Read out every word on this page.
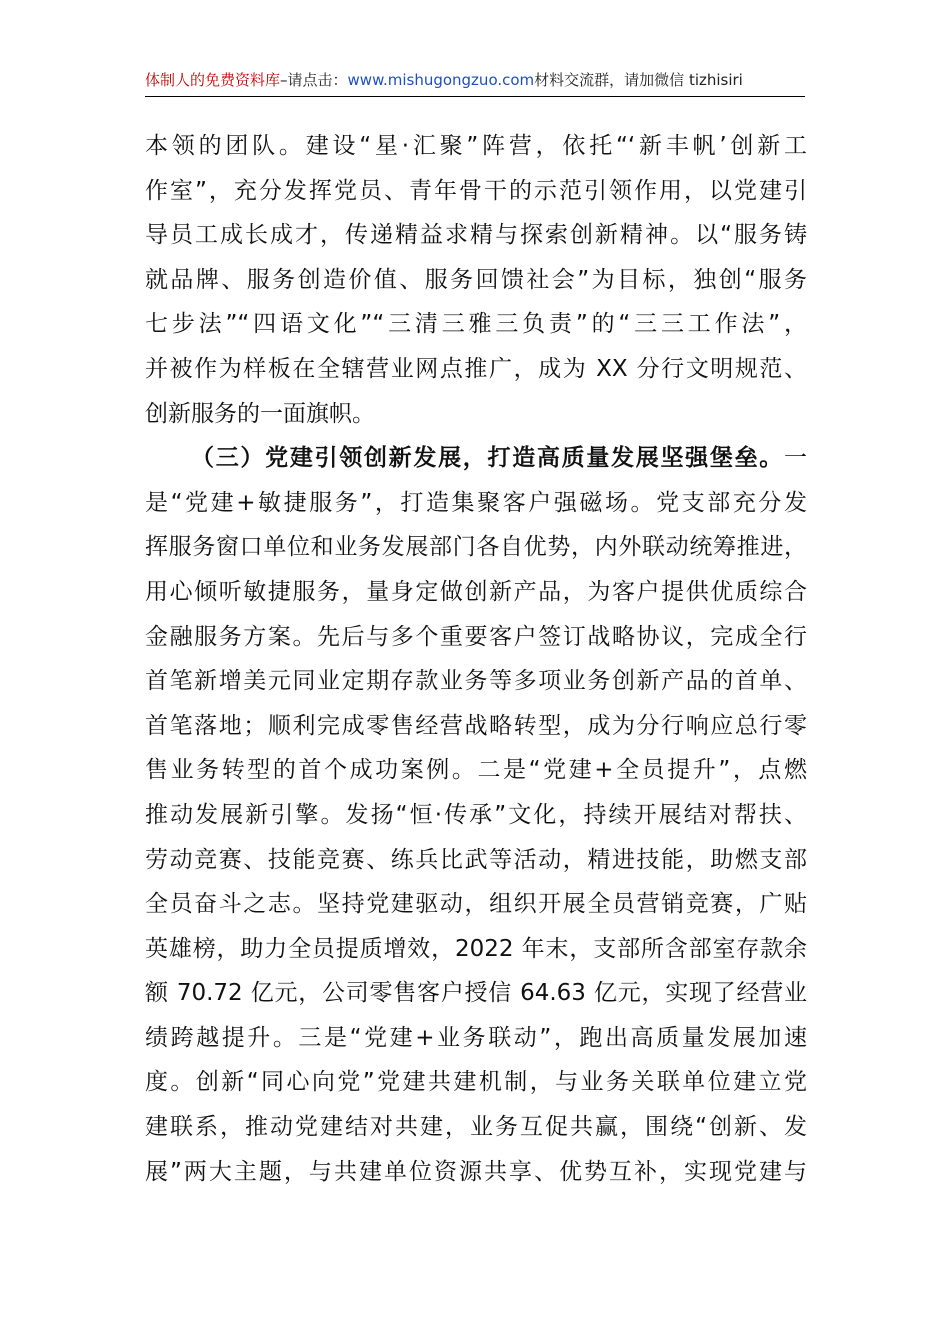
体制人的免费资料库–请点击：www.mishugongzuo.com材料交流群，请加微信 tizhisiri
本领的团队。建设“星·汇聚”阵营，依托“‘新丰帆’创新工
作室”，充分发挥党员、青年骨干的示范引领作用，以党建引
导员工成长成才，传递精益求精与探索创新精神。以“服务铸
就品牌、服务创造价值、服务回馈社会”为目标，独创“服务
七步法”“四语文化”“三清三雅三负责”的“三三工作法”，
并被作为样板在全辖营业网点推广，成为 XX 分行文明规范、
创新服务的一面旗帜。
（三）党建引领创新发展，打造高质量发展坚强堡垒。一
是“党建+敏捷服务”，打造集聚客户强磁场。党支部充分发
挥服务窗口单位和业务发展部门各自优势，内外联动统筹推进，
用心倾听敏捷服务，量身定做创新产品，为客户提供优质综合
金融服务方案。先后与多个重要客户签订战略协议，完成全行
首笔新增美元同业定期存款业务等多项业务创新产品的首单、
首笔落地；顺利完成零售经营战略转型，成为分行响应总行零
售业务转型的首个成功案例。二是“党建+全员提升”，点燃
推动发展新引擎。发扬“恒·传承”文化，持续开展结对帮扶、
劳动竞赛、技能竞赛、练兵比武等活动，精进技能，助燃支部
全员奋斗之志。坚持党建驱动，组织开展全员营销竞赛，广贴
英雄榜，助力全员提质增效，2022 年末，支部所含部室存款余
额 70.72 亿元，公司零售客户授信 64.63 亿元，实现了经营业
绩跨越提升。三是“党建+业务联动”，跑出高质量发展加速
度。创新“同心向党”党建共建机制，与业务关联单位建立党
建联系，推动党建结对共建，业务互促共赢，围绕“创新、发
展”两大主题，与共建单位资源共享、优势互补，实现党建与
